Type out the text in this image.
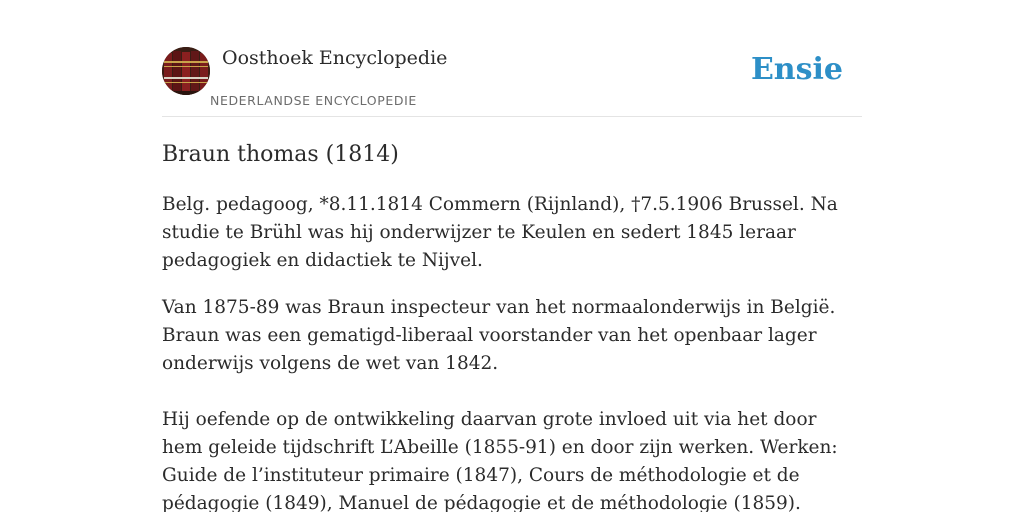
Oosthoek Encyclopedie
NEDERLANDSE ENCYCLOPEDIE
Ensie
Braun thomas (1814)

Belg. pedagoog, *8.11.1814 Commern (Rijnland), †7.5.1906 Brussel. Na studie te Brühl was hij onderwijzer te Keulen en sedert 1845 leraar pedagogiek en didactiek te Nijvel.

Van 1875-89 was Braun inspecteur van het normaalonderwijs in België. Braun was een gematigd-liberaal voorstander van het openbaar lager onderwijs volgens de wet van 1842.

Hij oefende op de ontwikkeling daarvan grote invloed uit via het door hem geleide tijdschrift L’Abeille (1855-91) en door zijn werken. Werken: Guide de l’instituteur primaire (1847), Cours de méthodologie et de pédagogie (1849), Manuel de pédagogie et de méthodologie (1859).
